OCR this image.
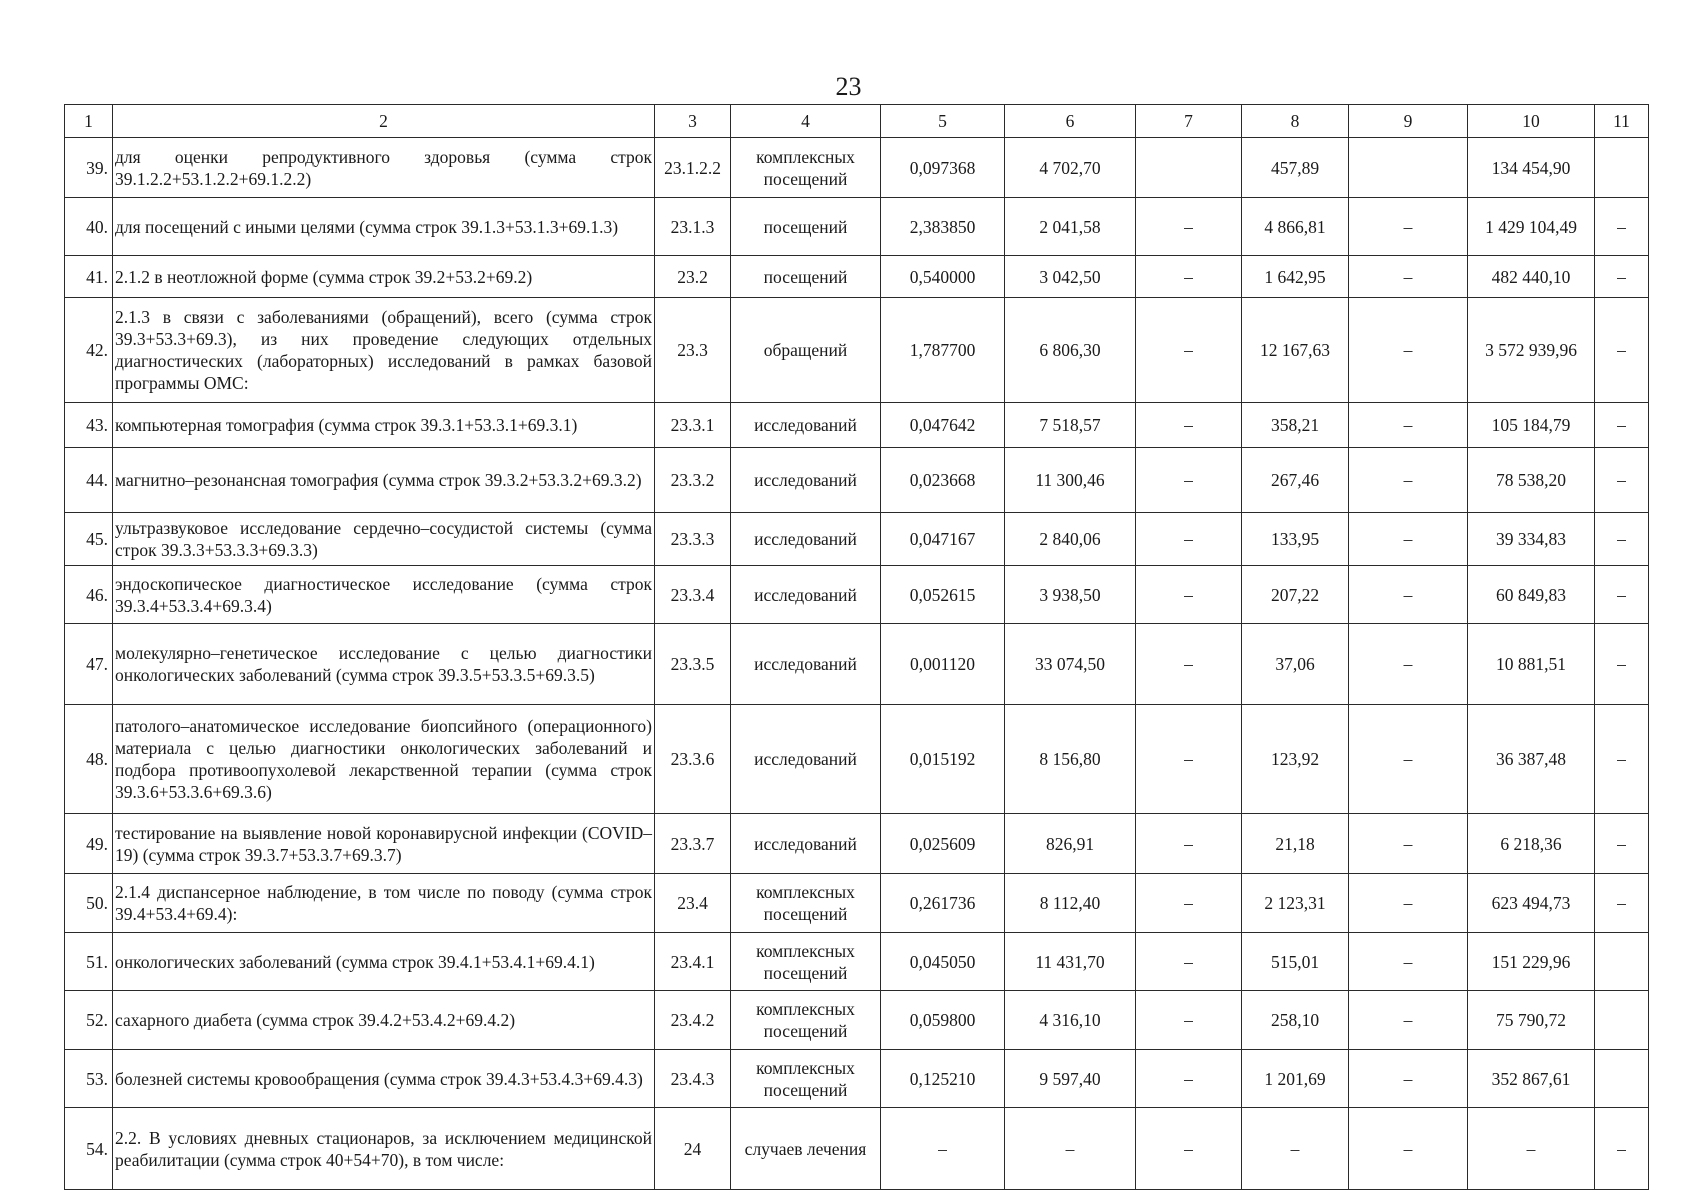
23
1	2	3	4	5	6	7	8	9	10	11
39.	для оценки репродуктивного здоровья (сумма строк 39.1.2.2+53.1.2.2+69.1.2.2)	23.1.2.2	комплексных посещений	0,097368	4 702,70		457,89		134 454,90	
40.	для посещений с иными целями (сумма строк 39.1.3+53.1.3+69.1.3)	23.1.3	посещений	2,383850	2 041,58	–	4 866,81	–	1 429 104,49	–
41.	2.1.2 в неотложной форме (сумма строк 39.2+53.2+69.2)	23.2	посещений	0,540000	3 042,50	–	1 642,95	–	482 440,10	–
42.	2.1.3 в связи с заболеваниями (обращений), всего (сумма строк 39.3+53.3+69.3), из них проведение следующих отдельных диагностических (лабораторных) исследований в рамках базовой программы ОМС:	23.3	обращений	1,787700	6 806,30	–	12 167,63	–	3 572 939,96	–
43.	компьютерная томография (сумма строк 39.3.1+53.3.1+69.3.1)	23.3.1	исследований	0,047642	7 518,57	–	358,21	–	105 184,79	–
44.	магнитно–резонансная томография (сумма строк 39.3.2+53.3.2+69.3.2)	23.3.2	исследований	0,023668	11 300,46	–	267,46	–	78 538,20	–
45.	ультразвуковое исследование сердечно–сосудистой системы (сумма строк 39.3.3+53.3.3+69.3.3)	23.3.3	исследований	0,047167	2 840,06	–	133,95	–	39 334,83	–
46.	эндоскопическое диагностическое исследование (сумма строк 39.3.4+53.3.4+69.3.4)	23.3.4	исследований	0,052615	3 938,50	–	207,22	–	60 849,83	–
47.	молекулярно–генетическое исследование с целью диагностики онкологических заболеваний (сумма строк 39.3.5+53.3.5+69.3.5)	23.3.5	исследований	0,001120	33 074,50	–	37,06	–	10 881,51	–
48.	патолого–анатомическое исследование биопсийного (операционного) материала с целью диагностики онкологических заболеваний и подбора противоопухолевой лекарственной терапии (сумма строк 39.3.6+53.3.6+69.3.6)	23.3.6	исследований	0,015192	8 156,80	–	123,92	–	36 387,48	–
49.	тестирование на выявление новой коронавирусной инфекции (COVID–19) (сумма строк 39.3.7+53.3.7+69.3.7)	23.3.7	исследований	0,025609	826,91	–	21,18	–	6 218,36	–
50.	2.1.4 диспансерное наблюдение, в том числе по поводу (сумма строк 39.4+53.4+69.4):	23.4	комплексных посещений	0,261736	8 112,40	–	2 123,31	–	623 494,73	–
51.	онкологических заболеваний (сумма строк 39.4.1+53.4.1+69.4.1)	23.4.1	комплексных посещений	0,045050	11 431,70	–	515,01	–	151 229,96	
52.	сахарного диабета (сумма строк 39.4.2+53.4.2+69.4.2)	23.4.2	комплексных посещений	0,059800	4 316,10	–	258,10	–	75 790,72	
53.	болезней системы кровообращения (сумма строк 39.4.3+53.4.3+69.4.3)	23.4.3	комплексных посещений	0,125210	9 597,40	–	1 201,69	–	352 867,61	
54.	2.2. В условиях дневных стационаров, за исключением медицинской реабилитации (сумма строк 40+54+70), в том числе:	24	случаев лечения	–	–	–	–	–	–	–
